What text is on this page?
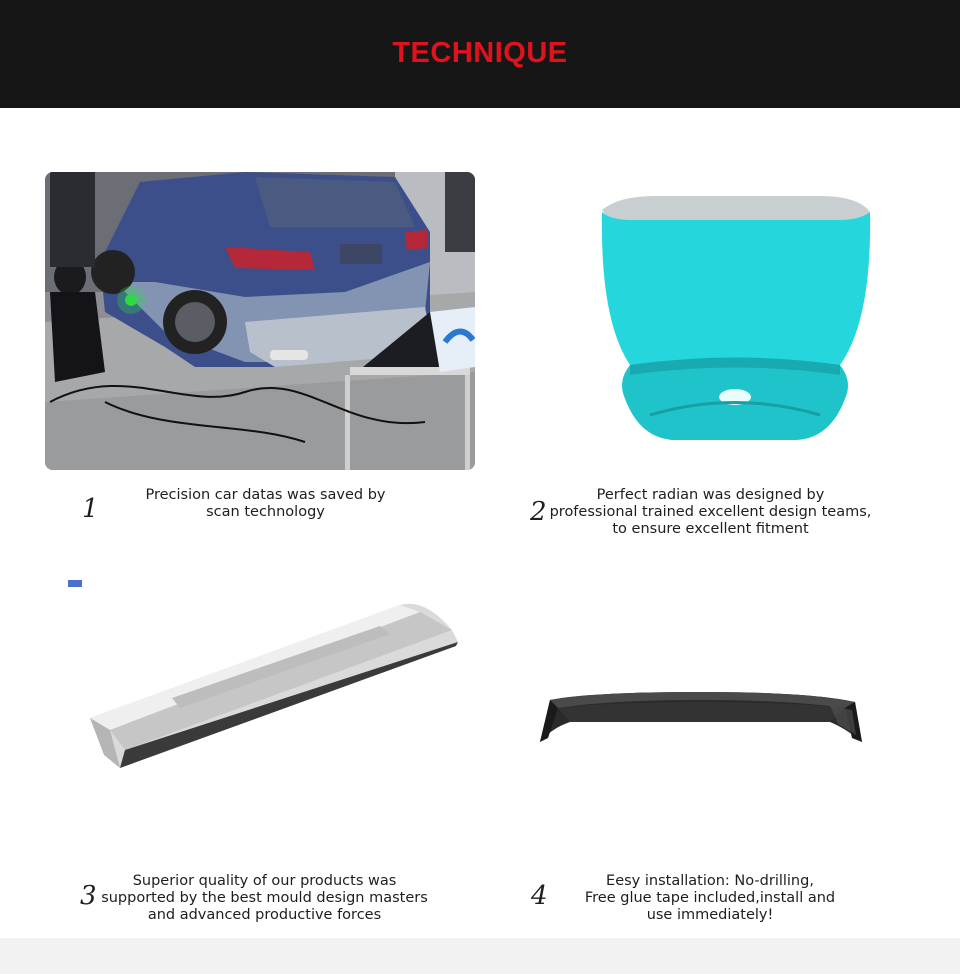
TECHNIQUE
1	Precision car datas was saved by
scan technology	2
Perfect radian was designed by
professional trained excellent design teams,
to ensure excellent fitment
3	Superior quality of our products was
supported by the best mould design masters
and advanced productive forces
4	Eesy installation: No-drilling,
Free glue tape included,install and
use immediately!
